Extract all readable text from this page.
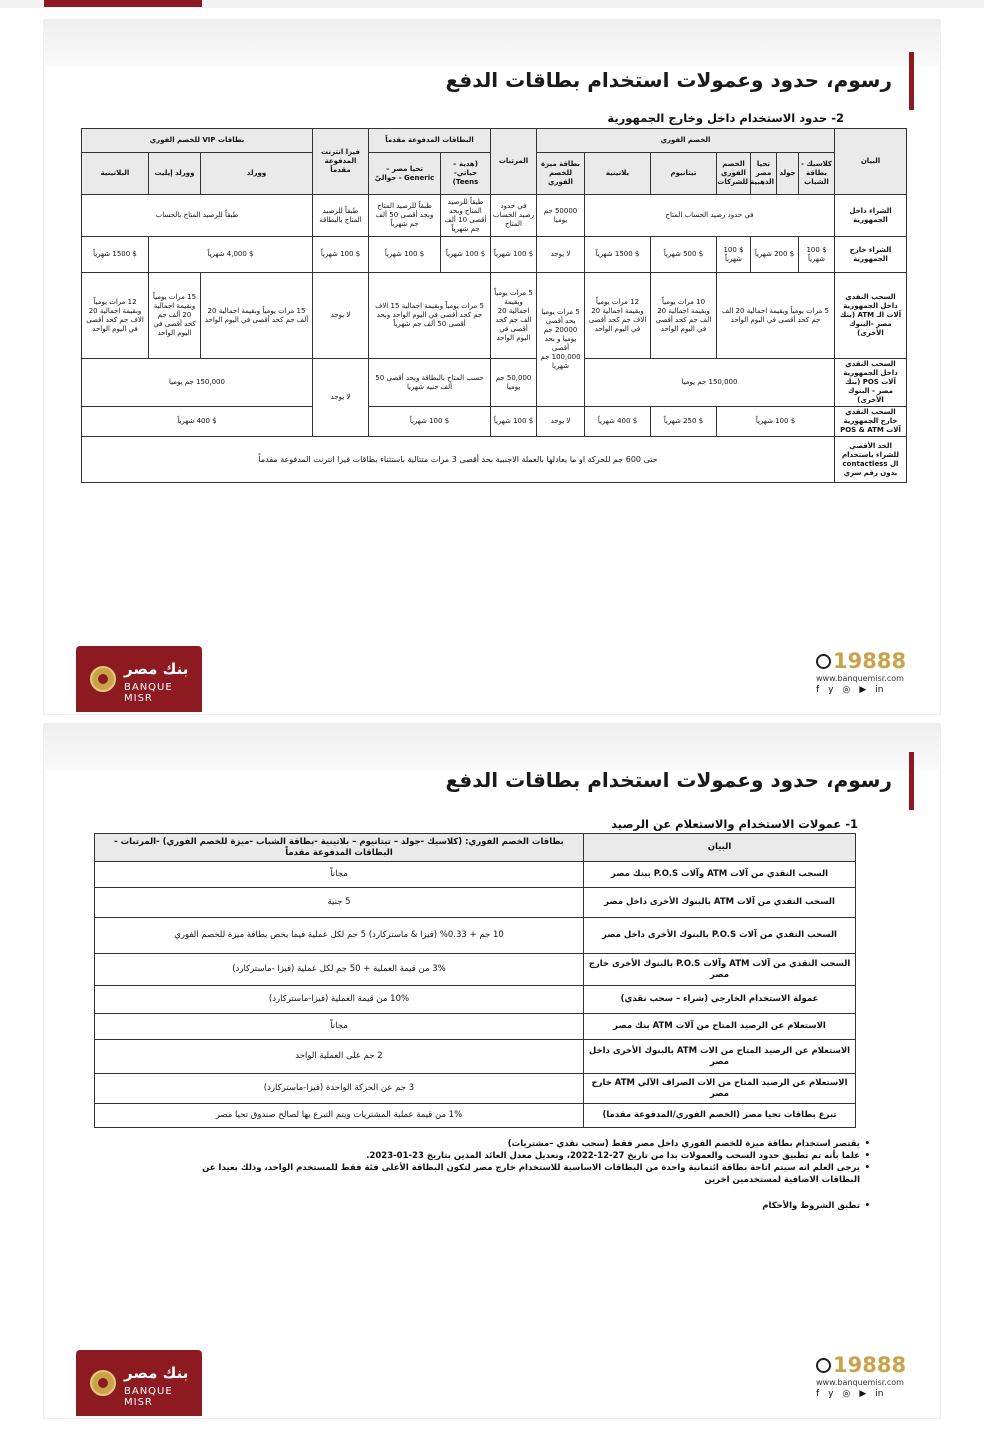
رسوم، حدود وعمولات استخدام بطاقات الدفع
2- حدود الاستخدام داخل وخارج الجمهورية
البيان	الخصم الفوري							المرتبات	البطاقات المدفوعة مقدماً		فيزا انترنت المدفوعة مقدماً	بطاقات VIP للخصم الفوري		
	كلاسيك - بطاقة الشباب	جولد	تحيا مصر الذهبية	الخصم الفوري للشركات	تيتانيوم	بلاتينية	بطاقة ميزة للخصم الفوري		(هدية – حياتي- Teens)	تحيا مصر – Generic - حواليّ		وورلد	وورلد إيليت	البلاتينية
الشراء داخل الجمهورية	في حدود رصيد الحساب المتاح						50000 جم يوميا	في حدود رصيد الحساب المتاح	طبقاً للرصيد المتاح وبحد أقصى 10 ألف جم شهرياً	طبقاً للرصيد المتاح وبحد أقصى 50 ألف جم شهرياً	طبقاً للرصيد المتاح بالبطاقة	طبقاً للرصيد المتاح بالحساب		
الشراء خارج الجمهورية	$ 100 شهرياً	$ 200 شهرياً		$ 100 شهرياً	$ 500 شهرياً	$ 1500 شهرياً	لا يوجد	$ 100 شهرياً	$ 100 شهرياً	$ 100 شهرياً	$ 100 شهرياً	$ 4,000 شهرياً		$ 1500 شهرياً
السحب النقدي داخل الجمهورية آلات الـ ATM (بنك مصر -البنوك الأخرى)	5 مرات يومياً وبقيمة اجمالية 20 الف جم كحد أقصى في اليوم الواحد				10 مرات يومياً وبقيمة اجمالية 20 الف جم كحد أقصى في اليوم الواحد	12 مرات يومياً وبقيمة اجمالية 20 الاف جم كحد أقصى في اليوم الواحد	5 مرات يوميا بحد أقصى 20000 جم يوميا و بحد أقصى 100,000 جم شهريا	5 مرات يومياً وبقيمة اجمالية 20 الف جم كحد أقصى في اليوم الواحد	5 مرات يومياً وبقيمة اجمالية 15 الاف جم كحد أقصى في اليوم الواحد وبحد أقصى 50 ألف جم شهرياً		لا يوجد	15 مرات يومياً وبقيمة اجمالية 20 ألف جم كحد أقصى في اليوم الواحد	15 مرات يومياً وبقيمة اجمالية 20 ألف جم كحد أقصى في اليوم الواحد	12 مرات يومياً وبقيمة اجمالية 20 الاف جم كحد أقصى في اليوم الواحد
السحب النقدي داخل الجمهورية آلات POS (بنك مصر - البنوك الأخرى)	150,000 جم يوميا							50,000 جم يوميا	حسب المتاح بالبطاقة وبحد أقصى 50 ألف جنيه شهريا		لا يوجد	150,000 جم يوميا		
السحب النقدي خارج الجمهورية آلات POS & ATM	$ 100 شهرياً				$ 250 شهرياً	$ 400 شهرياً	لا يوجد	$ 100 شهرياً	$ 100 شهرياً			$ 400 شهرياً		
الحد الأقصى للشراء باستخدام ال contactless بدون رقم سري	حتى 600 جم للحركة او ما يعادلها بالعملة الاجنبية بحد أقصى 3 مرات متتالية باستثناء بطاقات فيزا انترنت المدفوعة مقدماً													
بنك مصر
BANQUE MISR
19888
www.banquemisr.com
f y ◎ ▶ in
رسوم، حدود وعمولات استخدام بطاقات الدفع
1- عمولات الاستخدام والاستعلام عن الرصيد
البيان	بطاقات الخصم الفوري: (كلاسيك -جولد – تيتانيوم – بلاتينية -بطاقة الشباب -ميزة للخصم الفوري) -المرتبات - البطاقات المدفوعة مقدماً
السحب النقدي من آلات ATM وآلات P.O.S ببنك مصر	مجاناً
السحب النقدي من آلات ATM بالبنوك الأخرى داخل مصر	5 جنية
السحب النقدي من آلات P.O.S بالبنوك الأخرى داخل مصر	10 جم + 0.33% (فيزا & ماستركارد) 5 جم لكل عملية فيما يخص بطاقة ميزة للخصم الفوري
السحب النقدي من آلات ATM وآلات P.O.S بالبنوك الأخرى خارج مصر	3% من قيمة العملية + 50 جم لكل عملية (فيزا -ماستركارد)
عمولة الاستخدام الخارجي (شراء – سحب نقدي)	10% من قيمة العملية (فيزا-ماستركارد)
الاستعلام عن الرصيد المتاح من آلات ATM بنك مصر	مجاناً
الاستعلام عن الرصيد المتاح من الات ATM بالبنوك الأخرى داخل مصر	2 جم على العملية الواحد
الاستعلام عن الرصيد المتاح من الات الصراف الآلي ATM خارج مصر	3 جم عن الحركة الواحدة (فيزا-ماستركارد)
تبرع بطاقات تحيا مصر (الخصم الفوري/المدفوعة مقدما)	1% من قيمة عملية المشتريات ويتم التبرع بها لصالح صندوق تحيا مصر
• يقتصر استخدام بطاقة ميزة للخصم الفوري داخل مصر فقط (سحب نقدي –مشتريات)
• علما بأنه تم تطبيق حدود السحب والعمولات بدا من تاريخ 27-12-2022، وتعديل معدل العائد المدين بتاريخ 23-01-2023.
• يرجى العلم انه سيتم اتاحة بطاقة ائتمانية واحدة من البطاقات الاساسية للاستخدام خارج مصر لتكون البطاقة الأعلى فئة فقط للمستخدم الواحد، وذلك بعيدا عن البطاقات الاضافية لمستخدمين اخرين
• تطبق الشروط والأحكام
بنك مصر
BANQUE MISR
19888
www.banquemisr.com
f y ◎ ▶ in
